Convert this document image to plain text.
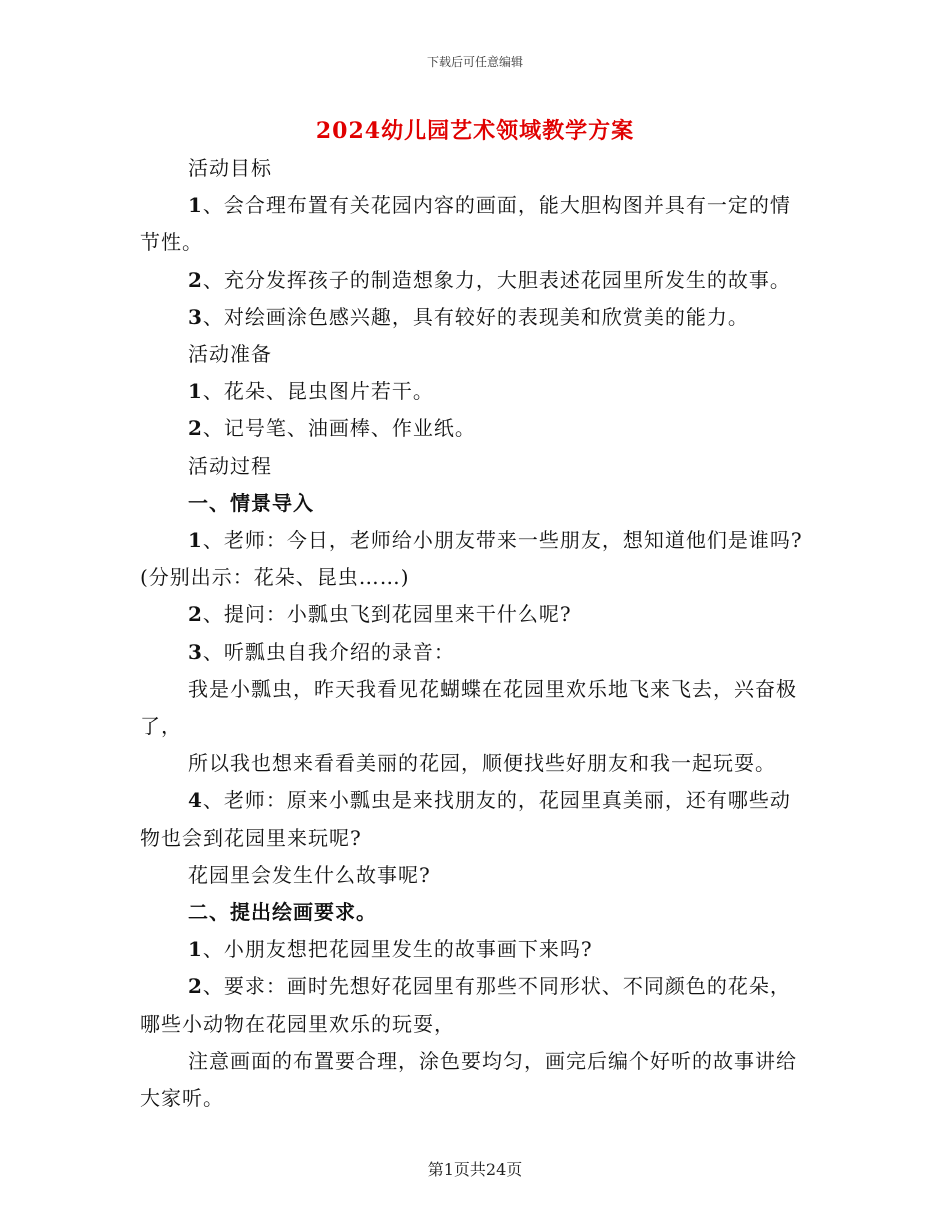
下载后可任意编辑
2024幼儿园艺术领域教学方案

活动目标

1、会合理布置有关花园内容的画面，能大胆构图并具有一定的情节性。

2、充分发挥孩子的制造想象力，大胆表述花园里所发生的故事。

3、对绘画涂色感兴趣，具有较好的表现美和欣赏美的能力。

活动准备

1、花朵、昆虫图片若干。

2、记号笔、油画棒、作业纸。

活动过程

一、情景导入

1、老师：今日，老师给小朋友带来一些朋友，想知道他们是谁吗?(分别出示：花朵、昆虫……)

2、提问：小瓢虫飞到花园里来干什么呢?

3、听瓢虫自我介绍的录音：

我是小瓢虫，昨天我看见花蝴蝶在花园里欢乐地飞来飞去，兴奋极了，

所以我也想来看看美丽的花园，顺便找些好朋友和我一起玩耍。

4、老师：原来小瓢虫是来找朋友的，花园里真美丽，还有哪些动物也会到花园里来玩呢?

花园里会发生什么故事呢?

二、提出绘画要求。

1、小朋友想把花园里发生的故事画下来吗?

2、要求：画时先想好花园里有那些不同形状、不同颜色的花朵，哪些小动物在花园里欢乐的玩耍，

注意画面的布置要合理，涂色要均匀，画完后编个好听的故事讲给大家听。

第1页共24页
